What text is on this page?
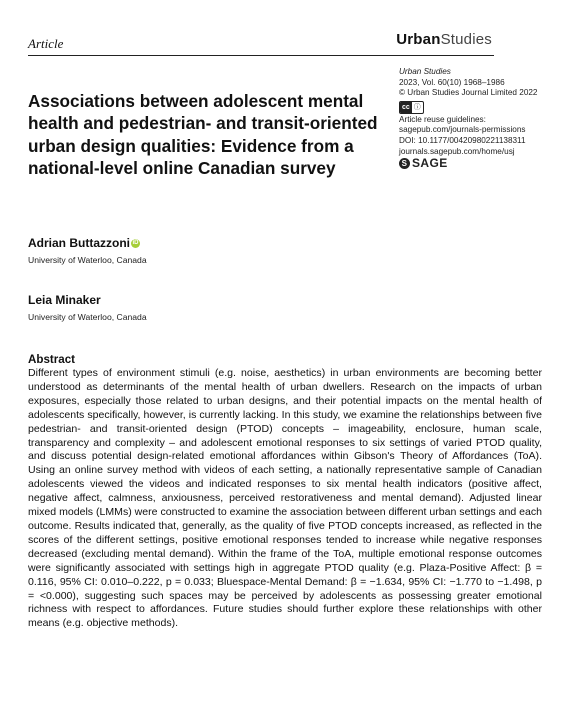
Article	UrbanStudies
Urban Studies
2023, Vol. 60(10) 1968–1986
© Urban Studies Journal Limited 2022
cc ⓘ
Article reuse guidelines:
sagepub.com/journals-permissions
DOI: 10.1177/00420980221138311
journals.sagepub.com/home/usj
S SAGE
Associations between adolescent mental health and pedestrian- and transit-oriented urban design qualities: Evidence from a national-level online Canadian survey
Adrian Buttazzoni iD
University of Waterloo, Canada
Leia Minaker
University of Waterloo, Canada
Abstract

Different types of environment stimuli (e.g. noise, aesthetics) in urban environments are becoming better understood as determinants of the mental health of urban dwellers. Research on the impacts of urban exposures, especially those related to urban designs, and their potential impacts on the mental health of adolescents specifically, however, is currently lacking. In this study, we examine the relationships between five pedestrian- and transit-oriented design (PTOD) concepts – imageability, enclosure, human scale, transparency and complexity – and adolescent emotional responses to six settings of varied PTOD quality, and discuss potential design-related emotional affordances within Gibson's Theory of Affordances (ToA). Using an online survey method with videos of each setting, a nationally representative sample of Canadian adolescents viewed the videos and indicated responses to six mental health indicators (positive affect, negative affect, calmness, anxiousness, perceived restorativeness and mental demand). Adjusted linear mixed models (LMMs) were constructed to examine the association between different urban settings and each outcome. Results indicated that, generally, as the quality of five PTOD concepts increased, as reflected in the scores of the different settings, positive emotional responses tended to increase while negative responses decreased (excluding mental demand). Within the frame of the ToA, multiple emotional response outcomes were significantly associated with settings high in aggregate PTOD quality (e.g. Plaza-Positive Affect: β = 0.116, 95% CI: 0.010–0.222, p = 0.033; Bluespace-Mental Demand: β = −1.634, 95% CI: −1.770 to −1.498, p = <0.000), suggesting such spaces may be perceived by adolescents as possessing greater emotional richness with respect to affordances. Future studies should further explore these relationships with other means (e.g. objective methods).
